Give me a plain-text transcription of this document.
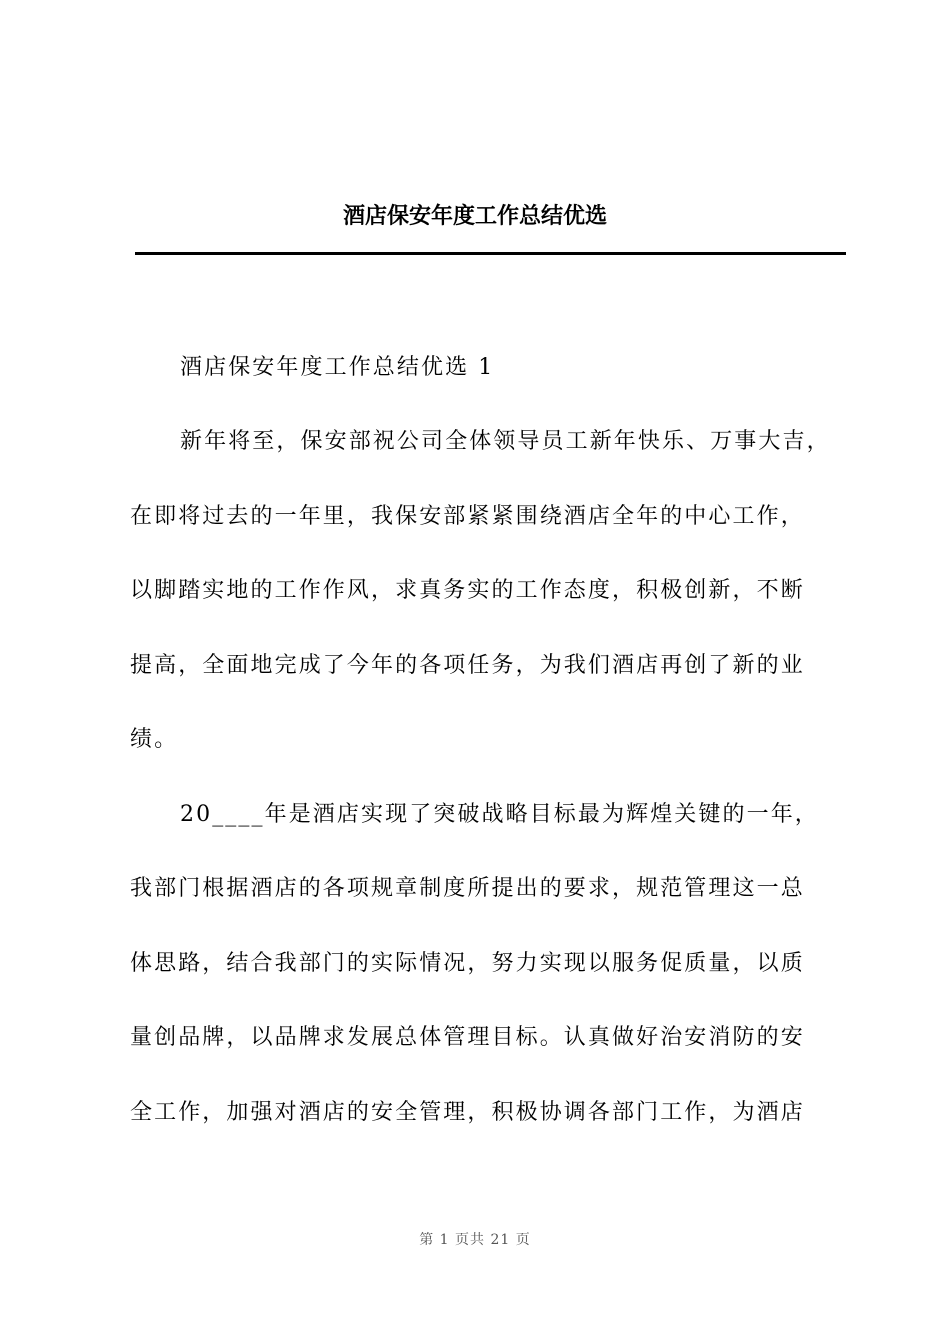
酒店保安年度工作总结优选
酒店保安年度工作总结优选 1
新年将至，保安部祝公司全体领导员工新年快乐、万事大吉，
在即将过去的一年里，我保安部紧紧围绕酒店全年的中心工作，
以脚踏实地的工作作风，求真务实的工作态度，积极创新，不断
提高，全面地完成了今年的各项任务，为我们酒店再创了新的业
绩。
20____年是酒店实现了突破战略目标最为辉煌关键的一年，
我部门根据酒店的各项规章制度所提出的要求，规范管理这一总
体思路，结合我部门的实际情况，努力实现以服务促质量，以质
量创品牌，以品牌求发展总体管理目标。认真做好治安消防的安
全工作，加强对酒店的安全管理，积极协调各部门工作，为酒店
第 1 页共 21 页
